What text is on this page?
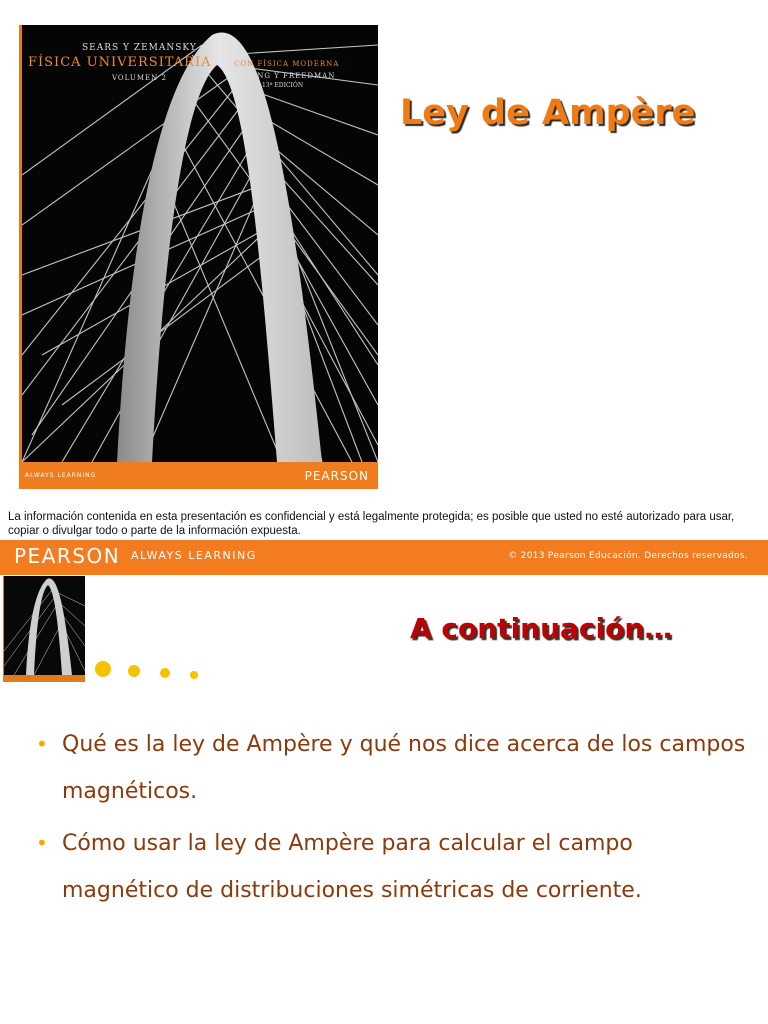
SEARS Y ZEMANSKY
FÍSICA UNIVERSITARIA
VOLUMEN 2
CON FÍSICA MODERNA
YOUNG Y FREEDMAN
13ª EDICIÓN
ALWAYS LEARNING	PEARSON
Ley de Ampère
La información contenida en esta presentación es confidencial y está legalmente protegida; es posible que usted no esté autorizado para usar, copiar o divulgar todo o parte de la información expuesta.
PEARSON ALWAYS LEARNING	© 2013 Pearson Educación. Derechos reservados.
A continuación…
• Qué es la ley de Ampère y qué nos dice acerca de los campos magnéticos.
• Cómo usar la ley de Ampère para calcular el campo magnético de distribuciones simétricas de corriente.
